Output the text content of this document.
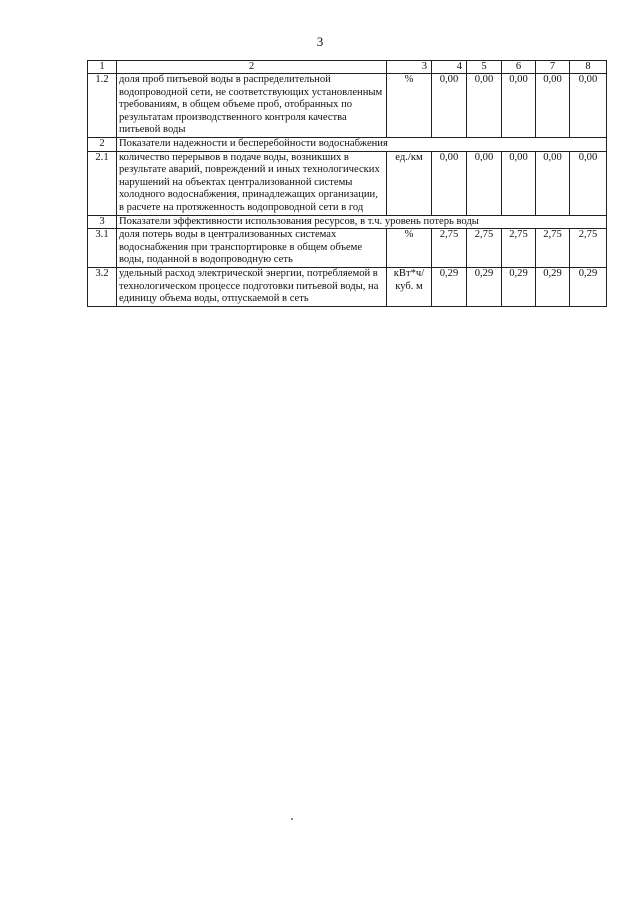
3
1	2	3	4	5	6	7	8
1.2	доля проб питьевой воды в распределительной водопроводной сети, не соответствующих установленным требованиям, в общем объеме проб, отобранных по результатам производственного контроля качества питьевой воды	%	0,00	0,00	0,00	0,00	0,00
2	Показатели надежности и бесперебойности водоснабжения						
2.1	количество перерывов в подаче воды, возникших в результате аварий, повреждений и иных технологических нарушений на объектах централизованной системы холодного водоснабжения, принадлежащих организации, в расчете на протяженность водопроводной сети в год	ед./км	0,00	0,00	0,00	0,00	0,00
3	Показатели эффективности использования ресурсов, в т.ч. уровень потерь воды						
3.1	доля потерь воды в централизованных системах водоснабжения при транспортировке в общем объеме воды, поданной в водопроводную сеть	%	2,75	2,75	2,75	2,75	2,75
3.2	удельный расход электрической энергии, потребляемой в технологическом процессе подготовки питьевой воды, на единицу объема воды, отпускаемой в сеть	кВт*ч/ куб. м	0,29	0,29	0,29	0,29	0,29
